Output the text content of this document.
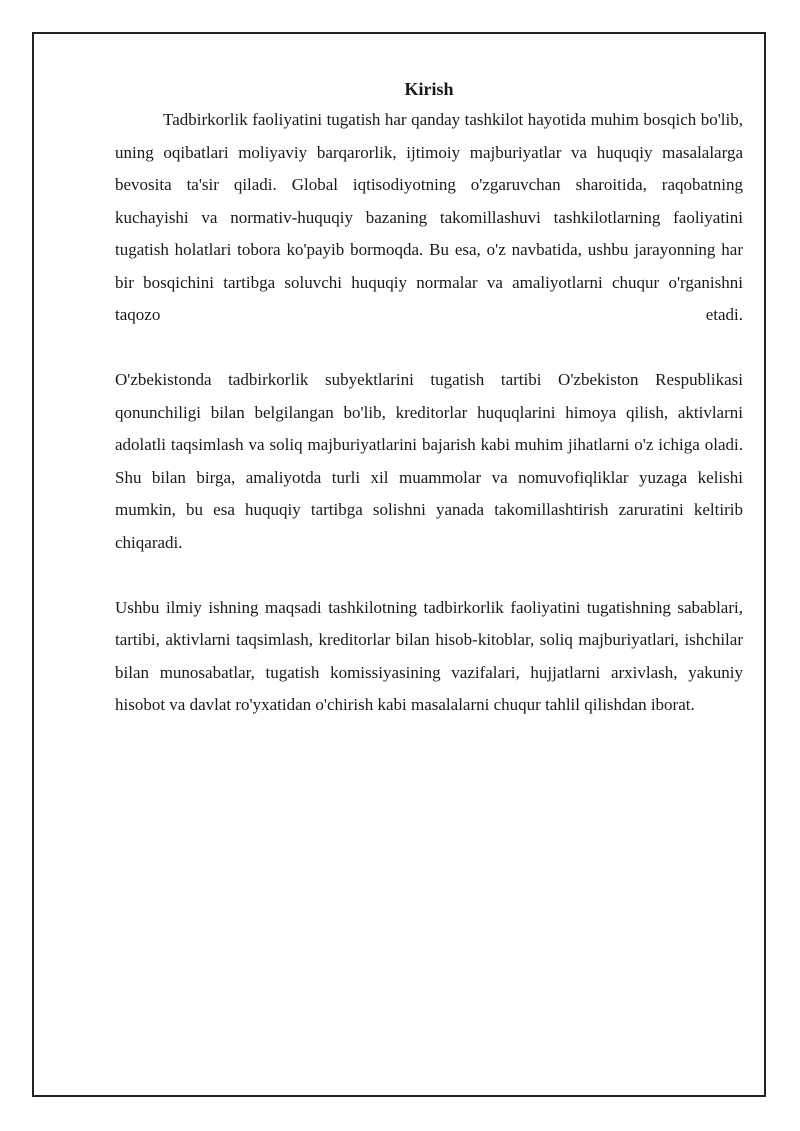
Kirish

Tadbirkorlik faoliyatini tugatish har qanday tashkilot hayotida muhim bosqich bo'lib, uning oqibatlari moliyaviy barqarorlik, ijtimoiy majburiyatlar va huquqiy masalalarga bevosita ta'sir qiladi. Global iqtisodiyotning o'zgaruvchan sharoitida, raqobatning kuchayishi va normativ-huquqiy bazaning takomillashuvi tashkilotlarning faoliyatini tugatish holatlari tobora ko'payib bormoqda. Bu esa, o'z navbatida, ushbu jarayonning har bir bosqichini tartibga soluvchi huquqiy normalar va amaliyotlarni chuqur o'rganishni taqozo etadi.

O'zbekistonda tadbirkorlik subyektlarini tugatish tartibi O'zbekiston Respublikasi qonunchiligi bilan belgilangan bo'lib, kreditorlar huquqlarini himoya qilish, aktivlarni adolatli taqsimlash va soliq majburiyatlarini bajarish kabi muhim jihatlarni o'z ichiga oladi. Shu bilan birga, amaliyotda turli xil muammolar va nomuvofiqliklar yuzaga kelishi mumkin, bu esa huquqiy tartibga solishni yanada takomillashtirish zaruratini keltirib chiqaradi.

Ushbu ilmiy ishning maqsadi tashkilotning tadbirkorlik faoliyatini tugatishning sabablari, tartibi, aktivlarni taqsimlash, kreditorlar bilan hisob-kitoblar, soliq majburiyatlari, ishchilar bilan munosabatlar, tugatish komissiyasining vazifalari, hujjatlarni arxivlash, yakuniy hisobot va davlat ro'yxatidan o'chirish kabi masalalarni chuqur tahlil qilishdan iborat.
